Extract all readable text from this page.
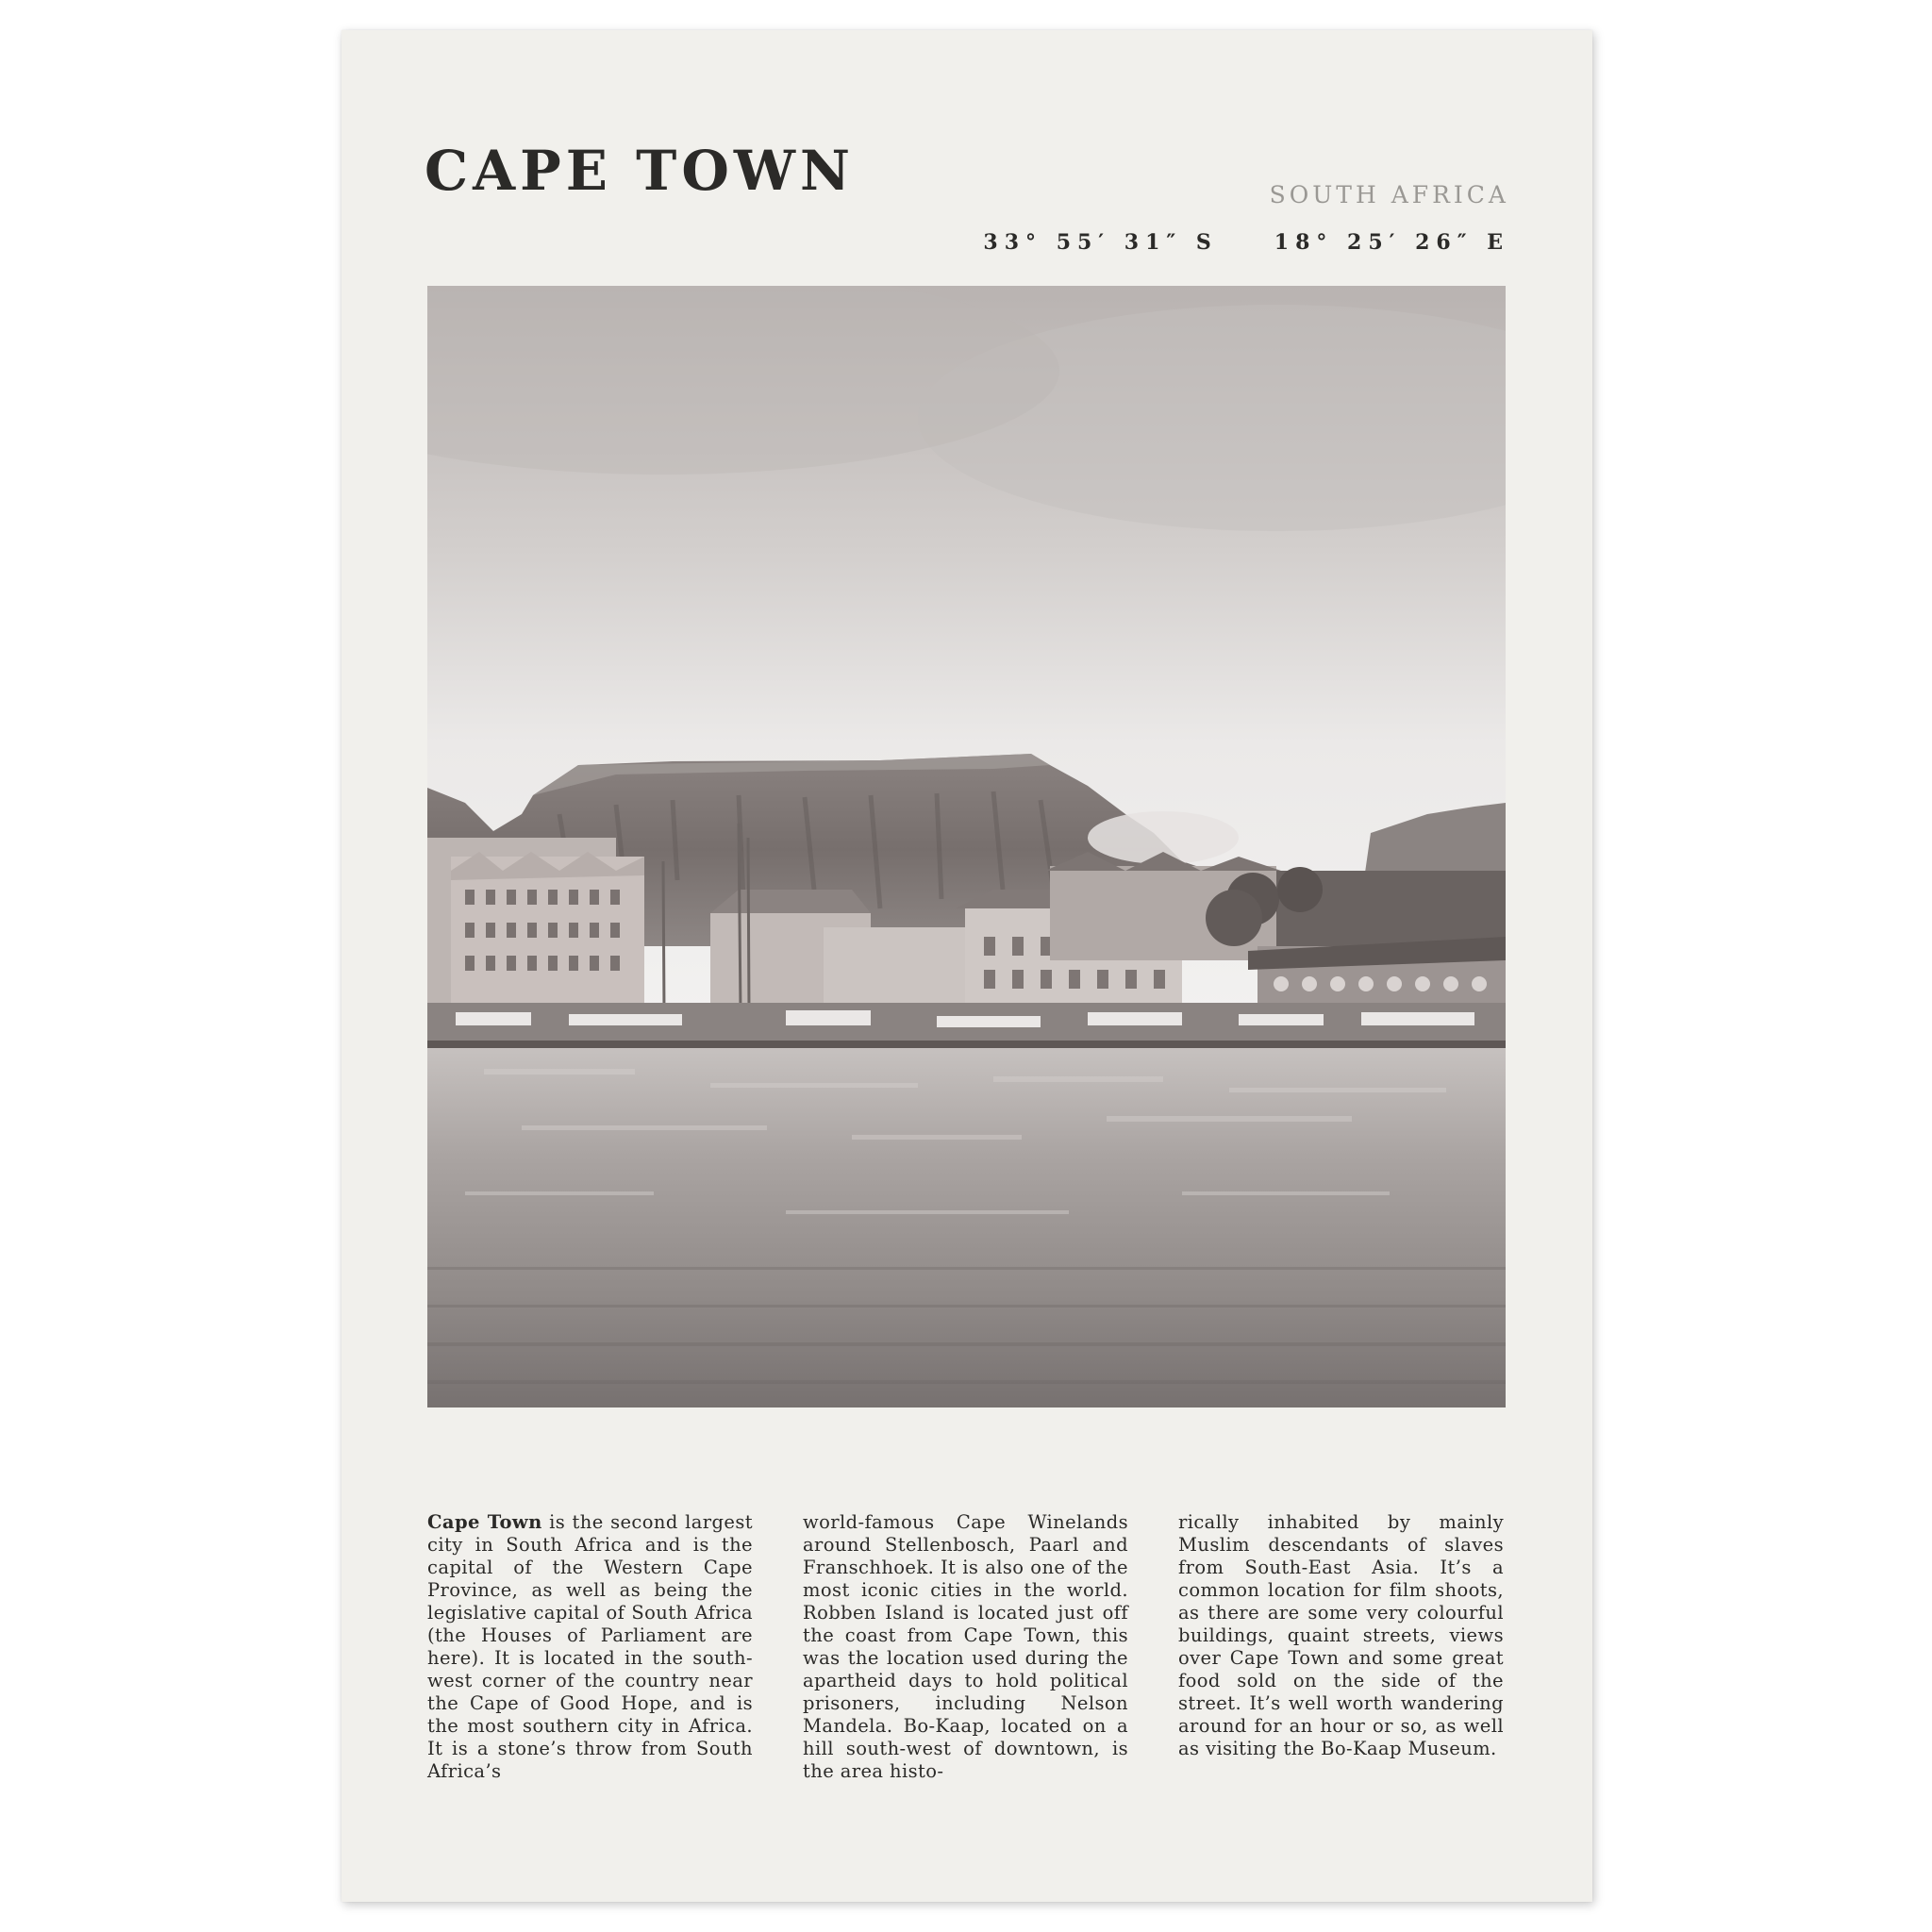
CAPE TOWN	SOUTH AFRICA
33° 55′ 31″ S	18° 25′ 26″ E

Cape Town is the second largest city in South Africa and is the capital of the Western Cape Province, as well as being the legislative capital of South Africa (the Houses of Parliament are here). It is located in the south-west corner of the country near the Cape of Good Hope, and is the most southern city in Africa. It is a stone’s throw from South Africa’s

world-famous Cape Winelands around Stellenbosch, Paarl and Franschhoek. It is also one of the most iconic cities in the world. Robben Island is located just off the coast from Cape Town, this was the location used during the apartheid days to hold political prisoners, including Nelson Mandela. Bo-Kaap, located on a hill south-west of downtown, is the area histo-

rically inhabited by mainly Muslim descendants of slaves from South-East Asia. It’s a common location for film shoots, as there are some very colourful buildings, quaint streets, views over Cape Town and some great food sold on the side of the street. It’s well worth wandering around for an hour or so, as well as visiting the Bo-Kaap Museum.
